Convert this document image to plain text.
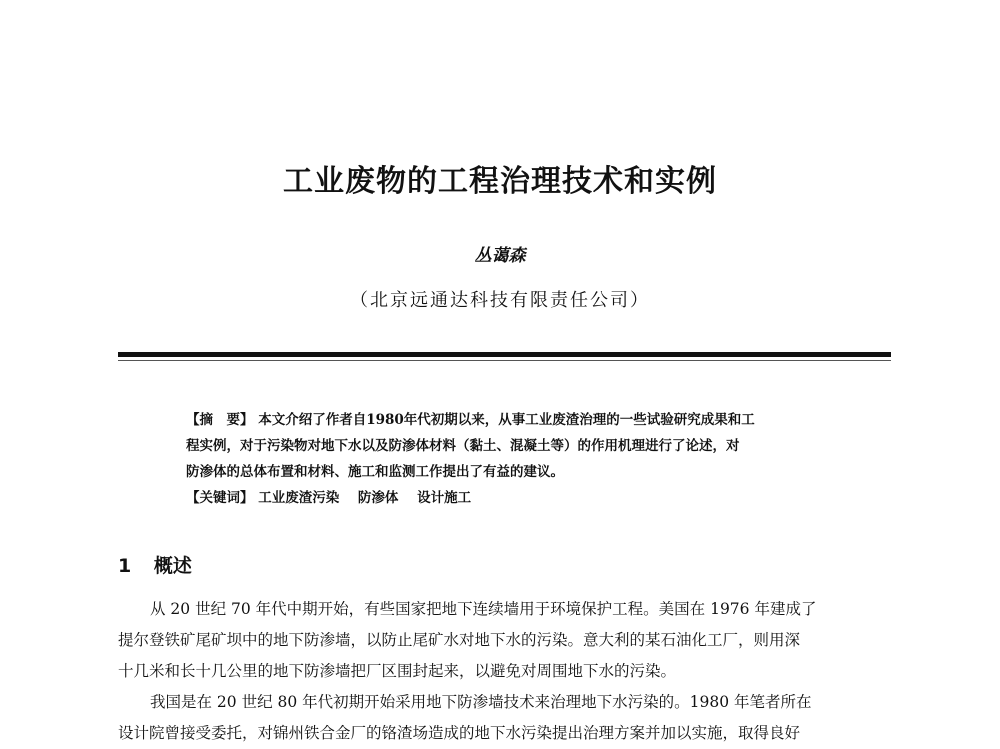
工业废物的工程治理技术和实例
丛蔼森
（北京远通达科技有限责任公司）
【摘　要】 本文介绍了作者自1980年代初期以来，从事工业废渣治理的一些试验研究成果和工
程实例，对于污染物对地下水以及防渗体材料（黏土、混凝土等）的作用机理进行了论述，对
防渗体的总体布置和材料、施工和监测工作提出了有益的建议。
【关键词】 工业废渣污染 防渗体 设计施工
1 概述
从 20 世纪 70 年代中期开始，有些国家把地下连续墙用于环境保护工程。美国在 1976 年建成了
提尔登铁矿尾矿坝中的地下防渗墙，以防止尾矿水对地下水的污染。意大利的某石油化工厂，则用深
十几米和长十几公里的地下防渗墙把厂区围封起来，以避免对周围地下水的污染。
我国是在 20 世纪 80 年代初期开始采用地下防渗墙技术来治理地下水污染的。1980 年笔者所在
设计院曾接受委托，对锦州铁合金厂的铬渣场造成的地下水污染提出治理方案并加以实施，取得良好
